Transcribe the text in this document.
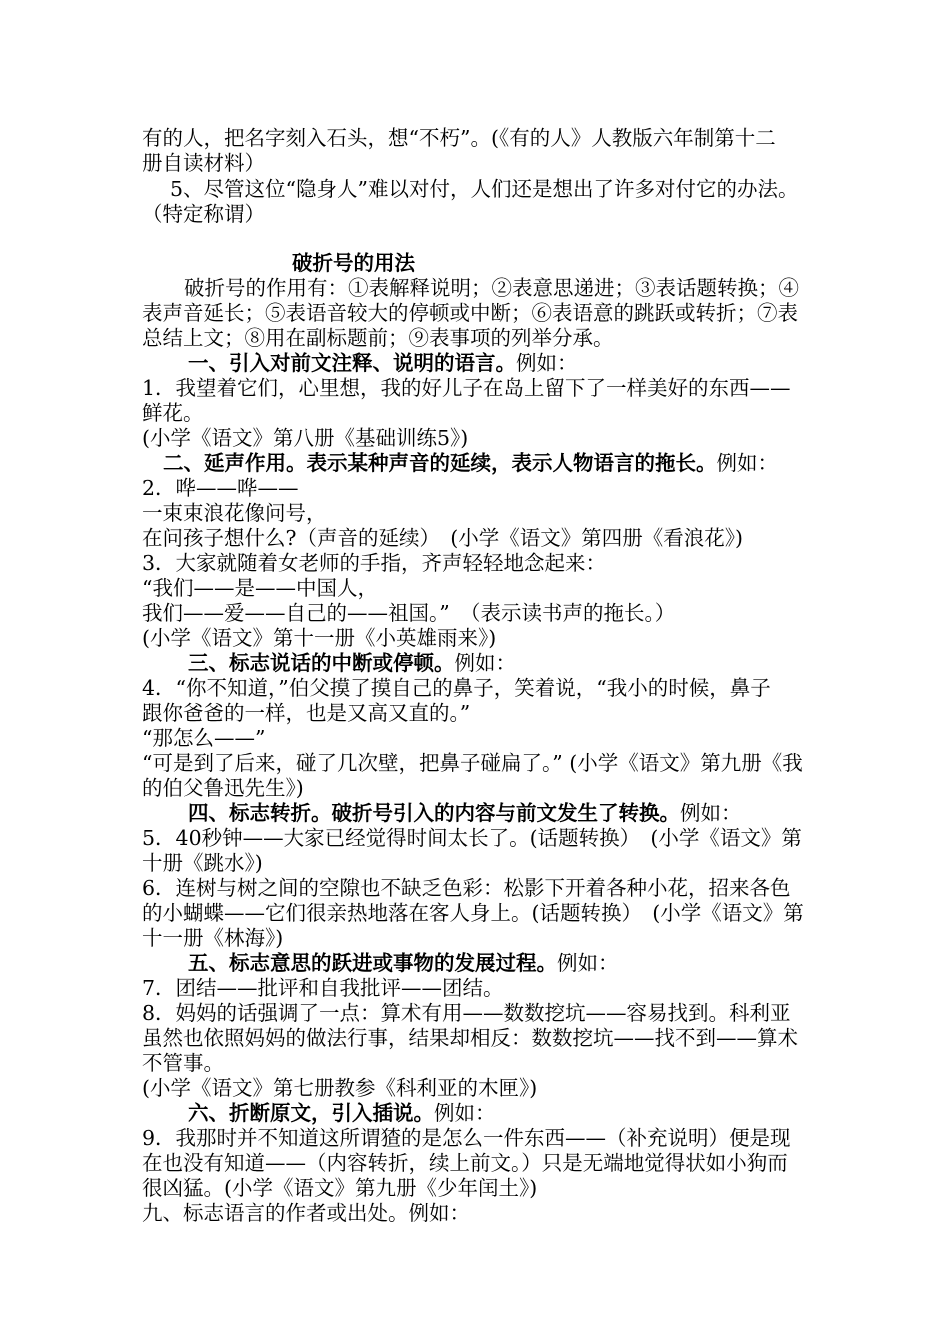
有的人，把名字刻入石头，想“不朽”。(《有的人》人教版六年制第十二
册自读材料）
5、尽管这位“隐身人”难以对付，人们还是想出了许多对付它的办法。
（特定称谓）
破折号的用法
破折号的作用有：①表解释说明；②表意思递进；③表话题转换；④
表声音延长；⑤表语音较大的停顿或中断；⑥表语意的跳跃或转折；⑦表
总结上文；⑧用在副标题前；⑨表事项的列举分承。
一、引入对前文注释、说明的语言。例如：
1．我望着它们，心里想，我的好儿子在岛上留下了一样美好的东西——
鲜花。
(小学《语文》第八册《基础训练5》)
二、延声作用。表示某种声音的延续，表示人物语言的拖长。例如：
2．哗——哗——
一束束浪花像问号，
在问孩子想什么?（声音的延续）　(小学《语文》第四册《看浪花》)
3．大家就随着女老师的手指，齐声轻轻地念起来：
“我们——是——中国人，
我们——爱——自己的——祖国。”　（表示读书声的拖长。）
(小学《语文》第十一册《小英雄雨来》)
三、标志说话的中断或停顿。例如：
4．“你不知道，”伯父摸了摸自己的鼻子，笑着说，“我小的时候，鼻子
跟你爸爸的一样，也是又高又直的。”
“那怎么——”
“可是到了后来，碰了几次壁，把鼻子碰扁了。” (小学《语文》第九册《我
的伯父鲁迅先生》)
四、标志转折。破折号引入的内容与前文发生了转换。例如：
5．40秒钟——大家已经觉得时间太长了。(话题转换）　(小学《语文》第
十册《跳水》)
6．连树与树之间的空隙也不缺乏色彩：松影下开着各种小花，招来各色
的小蝴蝶——它们很亲热地落在客人身上。(话题转换）　(小学《语文》第
十一册《林海》)
五、标志意思的跃进或事物的发展过程。例如：
7．团结——批评和自我批评——团结。
8．妈妈的话强调了一点：算术有用——数数挖坑——容易找到。科利亚
虽然也依照妈妈的做法行事，结果却相反：数数挖坑——找不到——算术
不管事。
(小学《语文》第七册教参《科利亚的木匣》)
六、折断原文，引入插说。例如：
9．我那时并不知道这所谓猹的是怎么一件东西——（补充说明）便是现
在也没有知道——（内容转折，续上前文。）只是无端地觉得状如小狗而
很凶猛。(小学《语文》第九册《少年闰土》)
九、标志语言的作者或出处。例如：
